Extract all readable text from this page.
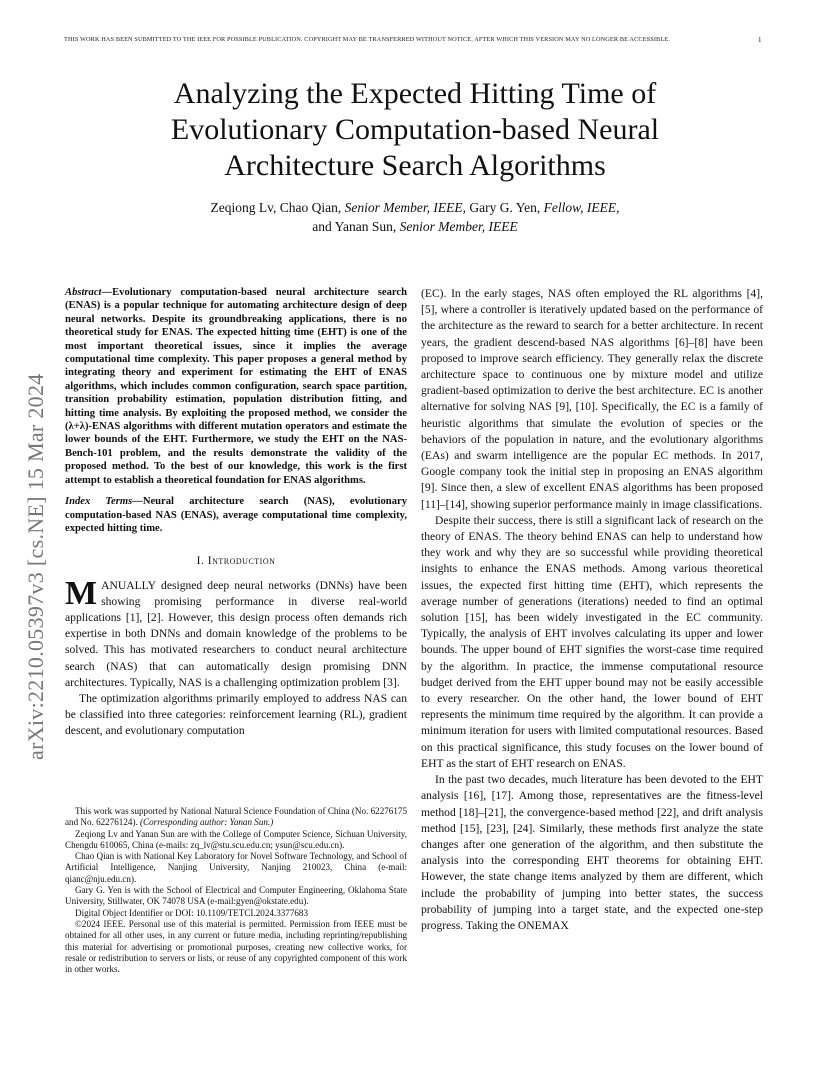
THIS WORK HAS BEEN SUBMITTED TO THE IEEE FOR POSSIBLE PUBLICATION. COPYRIGHT MAY BE TRANSFERRED WITHOUT NOTICE, AFTER WHICH THIS VERSION MAY NO LONGER BE ACCESSIBLE.	1
Analyzing the Expected Hitting Time of
Evolutionary Computation-based Neural
Architecture Search Algorithms
Zeqiong Lv, Chao Qian, Senior Member, IEEE, Gary G. Yen, Fellow, IEEE,
and Yanan Sun, Senior Member, IEEE
arXiv:2210.05397v3 [cs.NE] 15 Mar 2024

Abstract—Evolutionary computation-based neural architecture search (ENAS) is a popular technique for automating architecture design of deep neural networks. Despite its groundbreaking applications, there is no theoretical study for ENAS. The expected hitting time (EHT) is one of the most important theoretical issues, since it implies the average computational time complexity. This paper proposes a general method by integrating theory and experiment for estimating the EHT of ENAS algorithms, which includes common configuration, search space partition, transition probability estimation, population distribution fitting, and hitting time analysis. By exploiting the proposed method, we consider the (λ+λ)-ENAS algorithms with different mutation operators and estimate the lower bounds of the EHT. Furthermore, we study the EHT on the NAS-Bench-101 problem, and the results demonstrate the validity of the proposed method. To the best of our knowledge, this work is the first attempt to establish a theoretical foundation for ENAS algorithms.

Index Terms—Neural architecture search (NAS), evolutionary computation-based NAS (ENAS), average computational time complexity, expected hitting time.

I. Introduction

MANUALLY designed deep neural networks (DNNs) have been showing promising performance in diverse real-world applications [1], [2]. However, this design process often demands rich expertise in both DNNs and domain knowledge of the problems to be solved. This has motivated researchers to conduct neural architecture search (NAS) that can automatically design promising DNN architectures. Typically, NAS is a challenging optimization problem [3].

The optimization algorithms primarily employed to address NAS can be classified into three categories: reinforcement learning (RL), gradient descent, and evolutionary computation

This work was supported by National Natural Science Foundation of China (No. 62276175 and No. 62276124). (Corresponding author: Yanan Sun.)

Zeqiong Lv and Yanan Sun are with the College of Computer Science, Sichuan University, Chengdu 610065, China (e-mails: zq_lv@stu.scu.edu.cn; ysun@scu.edu.cn).

Chao Qian is with National Key Laboratory for Novel Software Technology, and School of Artificial Intelligence, Nanjing University, Nanjing 210023, China (e-mail: qianc@nju.edu.cn).

Gary G. Yen is with the School of Electrical and Computer Engineering, Oklahoma State University, Stillwater, OK 74078 USA (e-mail:gyen@okstate.edu).

Digital Object Identifier or DOI: 10.1109/TETCI.2024.3377683

©2024 IEEE. Personal use of this material is permitted. Permission from IEEE must be obtained for all other uses, in any current or future media, including reprinting/republishing this material for advertising or promotional purposes, creating new collective works, for resale or redistribution to servers or lists, or reuse of any copyrighted component of this work in other works.

(EC). In the early stages, NAS often employed the RL algorithms [4], [5], where a controller is iteratively updated based on the performance of the architecture as the reward to search for a better architecture. In recent years, the gradient descend-based NAS algorithms [6]–[8] have been proposed to improve search efficiency. They generally relax the discrete architecture space to continuous one by mixture model and utilize gradient-based optimization to derive the best architecture. EC is another alternative for solving NAS [9], [10]. Specifically, the EC is a family of heuristic algorithms that simulate the evolution of species or the behaviors of the population in nature, and the evolutionary algorithms (EAs) and swarm intelligence are the popular EC methods. In 2017, Google company took the initial step in proposing an ENAS algorithm [9]. Since then, a slew of excellent ENAS algorithms has been proposed [11]–[14], showing superior performance mainly in image classifications.

Despite their success, there is still a significant lack of research on the theory of ENAS. The theory behind ENAS can help to understand how they work and why they are so successful while providing theoretical insights to enhance the ENAS methods. Among various theoretical issues, the expected first hitting time (EHT), which represents the average number of generations (iterations) needed to find an optimal solution [15], has been widely investigated in the EC community. Typically, the analysis of EHT involves calculating its upper and lower bounds. The upper bound of EHT signifies the worst-case time required by the algorithm. In practice, the immense computational resource budget derived from the EHT upper bound may not be easily accessible to every researcher. On the other hand, the lower bound of EHT represents the minimum time required by the algorithm. It can provide a minimum iteration for users with limited computational resources. Based on this practical significance, this study focuses on the lower bound of EHT as the start of EHT research on ENAS.

In the past two decades, much literature has been devoted to the EHT analysis [16], [17]. Among those, representatives are the fitness-level method [18]–[21], the convergence-based method [22], and drift analysis method [15], [23], [24]. Similarly, these methods first analyze the state changes after one generation of the algorithm, and then substitute the analysis into the corresponding EHT theorems for obtaining EHT. However, the state change items analyzed by them are different, which include the probability of jumping into better states, the success probability of jumping into a target state, and the expected one-step progress. Taking the ONEMAX
